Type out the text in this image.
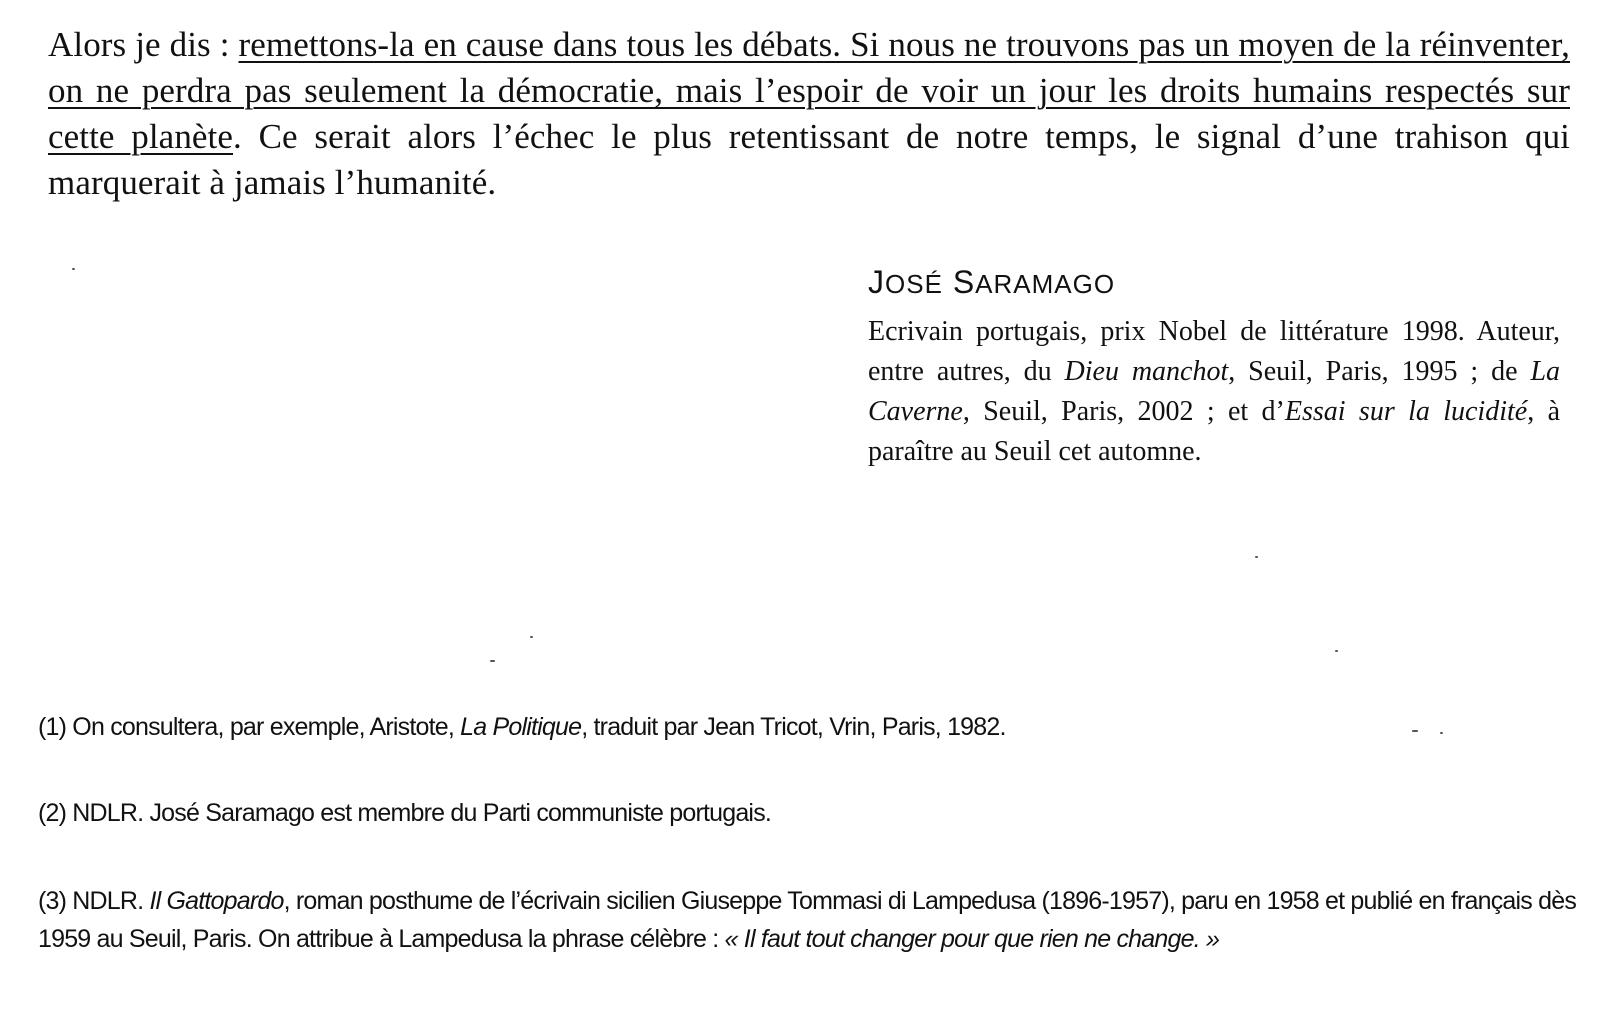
Alors je dis : remettons-la en cause dans tous les débats. Si nous ne trouvons pas un moyen de la réinventer, on ne perdra pas seulement la démocratie, mais l’espoir de voir un jour les droits humains respectés sur cette planète. Ce serait alors l’échec le plus retentissant de notre temps, le signal d’une trahison qui marquerait à jamais l’humanité.

JOSÉ SARAMAGO

Ecrivain portugais, prix Nobel de littérature 1998. Auteur, entre autres, du Dieu manchot, Seuil, Paris, 1995 ; de La Caverne, Seuil, Paris, 2002 ; et d’Essai sur la lucidité, à paraître au Seuil cet automne.

(1) On consultera, par exemple, Aristote, La Politique, traduit par Jean Tricot, Vrin, Paris, 1982.
(2) NDLR. José Saramago est membre du Parti communiste portugais.
(3) NDLR. Il Gattopardo, roman posthume de l’écrivain sicilien Giuseppe Tommasi di Lampedusa (1896-1957), paru en 1958 et publié en français dès 1959 au Seuil, Paris. On attribue à Lampedusa la phrase célèbre : « Il faut tout changer pour que rien ne change. »
